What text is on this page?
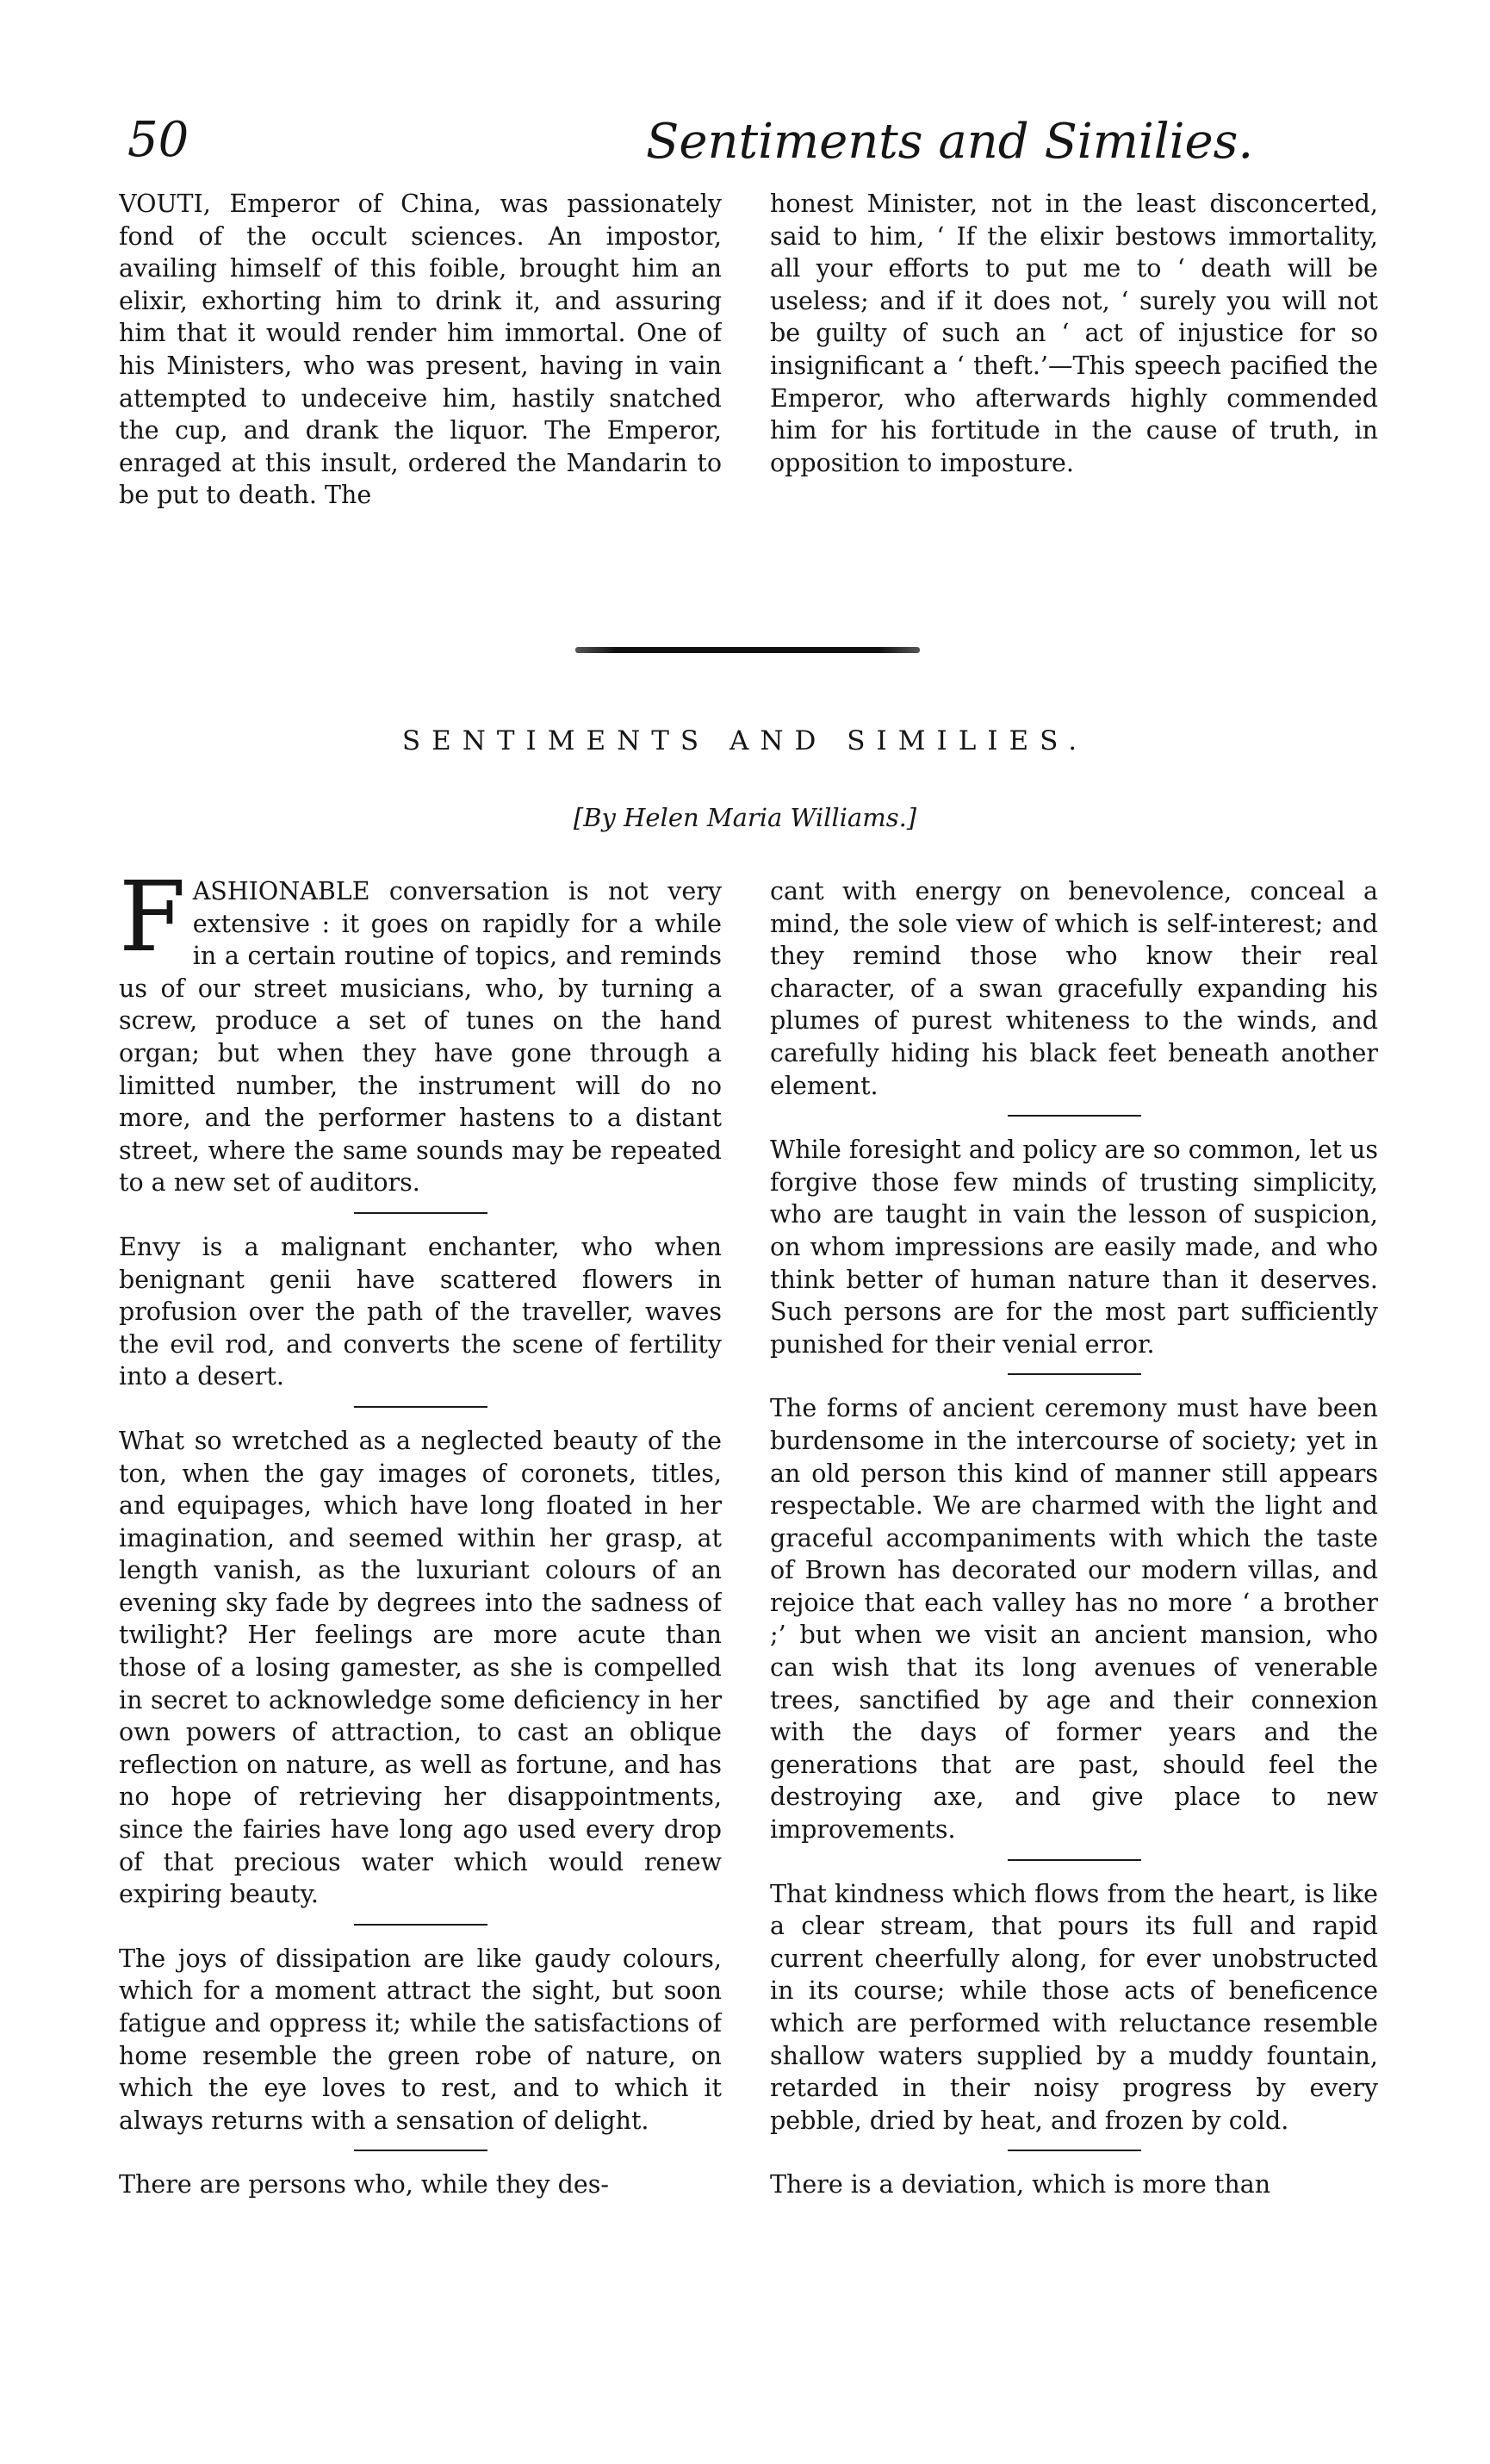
50	Sentiments and Similies.

VOUTI, Emperor of China, was passionately fond of the occult sciences. An impostor, availing himself of this foible, brought him an elixir, exhorting him to drink it, and assuring him that it would render him immortal. One of his Ministers, who was present, having in vain attempted to undeceive him, hastily snatched the cup, and drank the liquor. The Emperor, enraged at this insult, ordered the Mandarin to be put to death. The

honest Minister, not in the least disconcerted, said to him, ‘ If the elixir bestows immortality, all your efforts to put me to ‘ death will be useless; and if it does not, ‘ surely you will not be guilty of such an ‘ act of injustice for so insignificant a ‘ theft.’—This speech pacified the Emperor, who afterwards highly commended him for his fortitude in the cause of truth, in opposition to imposture.

SENTIMENTS AND SIMILIES.
[By Helen Maria Williams.]

FASHIONABLE conversation is not very extensive : it goes on rapidly for a while in a certain routine of topics, and reminds us of our street musicians, who, by turning a screw, produce a set of tunes on the hand organ; but when they have gone through a limitted number, the instrument will do no more, and the performer hastens to a distant street, where the same sounds may be repeated to a new set of auditors.

Envy is a malignant enchanter, who when benignant genii have scattered flowers in profusion over the path of the traveller, waves the evil rod, and converts the scene of fertility into a desert.

What so wretched as a neglected beauty of the ton, when the gay images of coronets, titles, and equipages, which have long floated in her imagination, and seemed within her grasp, at length vanish, as the luxuriant colours of an evening sky fade by degrees into the sadness of twilight? Her feelings are more acute than those of a losing gamester, as she is compelled in secret to acknowledge some deficiency in her own powers of attraction, to cast an oblique reflection on nature, as well as fortune, and has no hope of retrieving her disappointments, since the fairies have long ago used every drop of that precious water which would renew expiring beauty.

The joys of dissipation are like gaudy colours, which for a moment attract the sight, but soon fatigue and oppress it; while the satisfactions of home resemble the green robe of nature, on which the eye loves to rest, and to which it always returns with a sensation of delight.

There are persons who, while they des-

cant with energy on benevolence, conceal a mind, the sole view of which is self-interest; and they remind those who know their real character, of a swan gracefully expanding his plumes of purest whiteness to the winds, and carefully hiding his black feet beneath another element.

While foresight and policy are so common, let us forgive those few minds of trusting simplicity, who are taught in vain the lesson of suspicion, on whom impressions are easily made, and who think better of human nature than it deserves. Such persons are for the most part sufficiently punished for their venial error.

The forms of ancient ceremony must have been burdensome in the intercourse of society; yet in an old person this kind of manner still appears respectable. We are charmed with the light and graceful accompaniments with which the taste of Brown has decorated our modern villas, and rejoice that each valley has no more ‘ a brother ;’ but when we visit an ancient mansion, who can wish that its long avenues of venerable trees, sanctified by age and their connexion with the days of former years and the generations that are past, should feel the destroying axe, and give place to new improvements.

That kindness which flows from the heart, is like a clear stream, that pours its full and rapid current cheerfully along, for ever unobstructed in its course; while those acts of beneficence which are performed with reluctance resemble shallow waters supplied by a muddy fountain, retarded in their noisy progress by every pebble, dried by heat, and frozen by cold.

There is a deviation, which is more than
